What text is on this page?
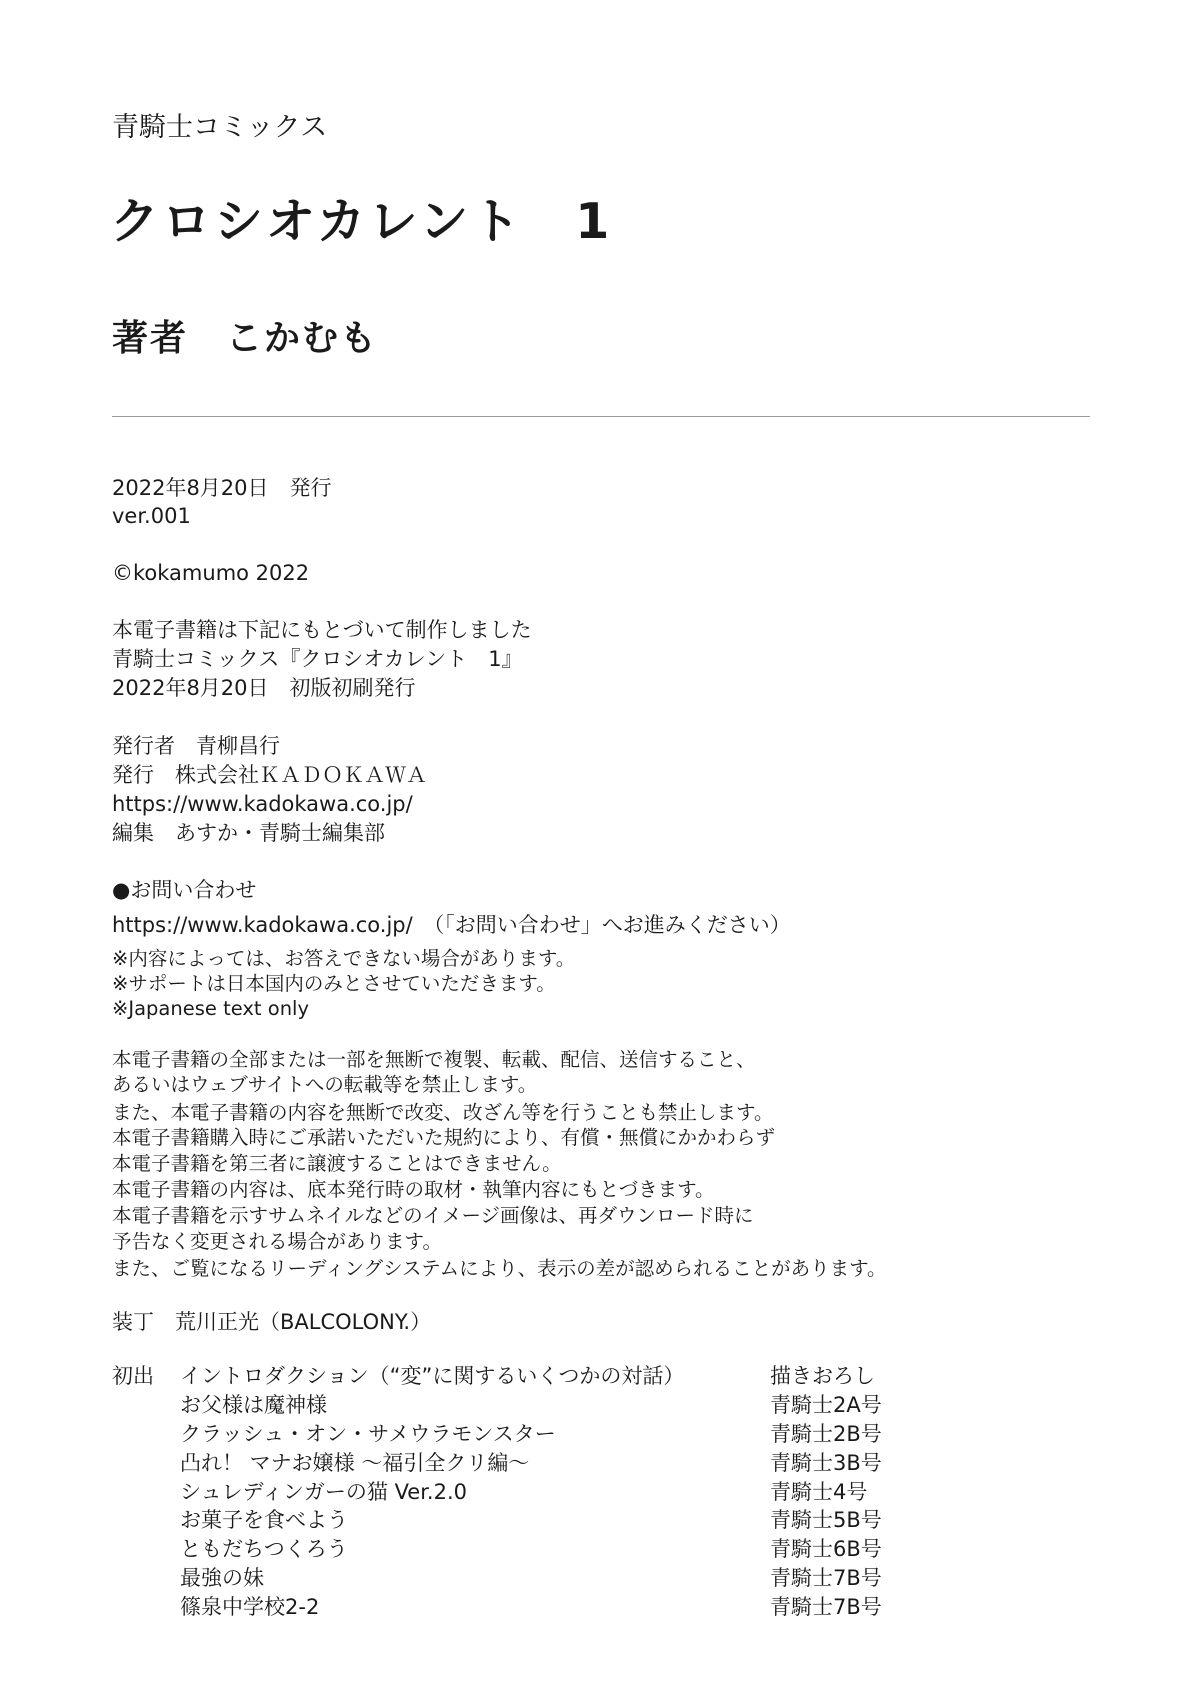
青騎士コミックス
クロシオカレント　1
著者　こかむも
2022年8月20日　発行
ver.001
©kokamumo 2022
本電子書籍は下記にもとづいて制作しました
青騎士コミックス『クロシオカレント　1』
2022年8月20日　初版初刷発行
発行者　青柳昌行
発行　株式会社ＫＡＤＯＫＡＷＡ
https://www.kadokawa.co.jp/
編集　あすか・青騎士編集部
●お問い合わせ
https://www.kadokawa.co.jp/　（「お問い合わせ」へお進みください）
※内容によっては、お答えできない場合があります。
※サポートは日本国内のみとさせていただきます。
※Japanese text only
本電子書籍の全部または一部を無断で複製、転載、配信、送信すること、
あるいはウェブサイトへの転載等を禁止します。
また、本電子書籍の内容を無断で改変、改ざん等を行うことも禁止します。
本電子書籍購入時にご承諾いただいた規約により、有償・無償にかかわらず
本電子書籍を第三者に譲渡することはできません。
本電子書籍の内容は、底本発行時の取材・執筆内容にもとづきます。
本電子書籍を示すサムネイルなどのイメージ画像は、再ダウンロード時に
予告なく変更される場合があります。
また、ご覧になるリーディングシステムにより、表示の差が認められることがあります。
装丁　荒川正光（BALCOLONY.）
初出 イントロダクション（“変”に関するいくつかの対話）	描きおろし
お父様は魔神様	青騎士2A号
クラッシュ・オン・サメウラモンスター	青騎士2B号
凸れ！ マナお嬢様 ～福引全クリ編～	青騎士3B号
シュレディンガーの猫 Ver.2.0	青騎士4号
お菓子を食べよう	青騎士5B号
ともだちつくろう	青騎士6B号
最強の妹	青騎士7B号
篠泉中学校2-2	青騎士7B号
